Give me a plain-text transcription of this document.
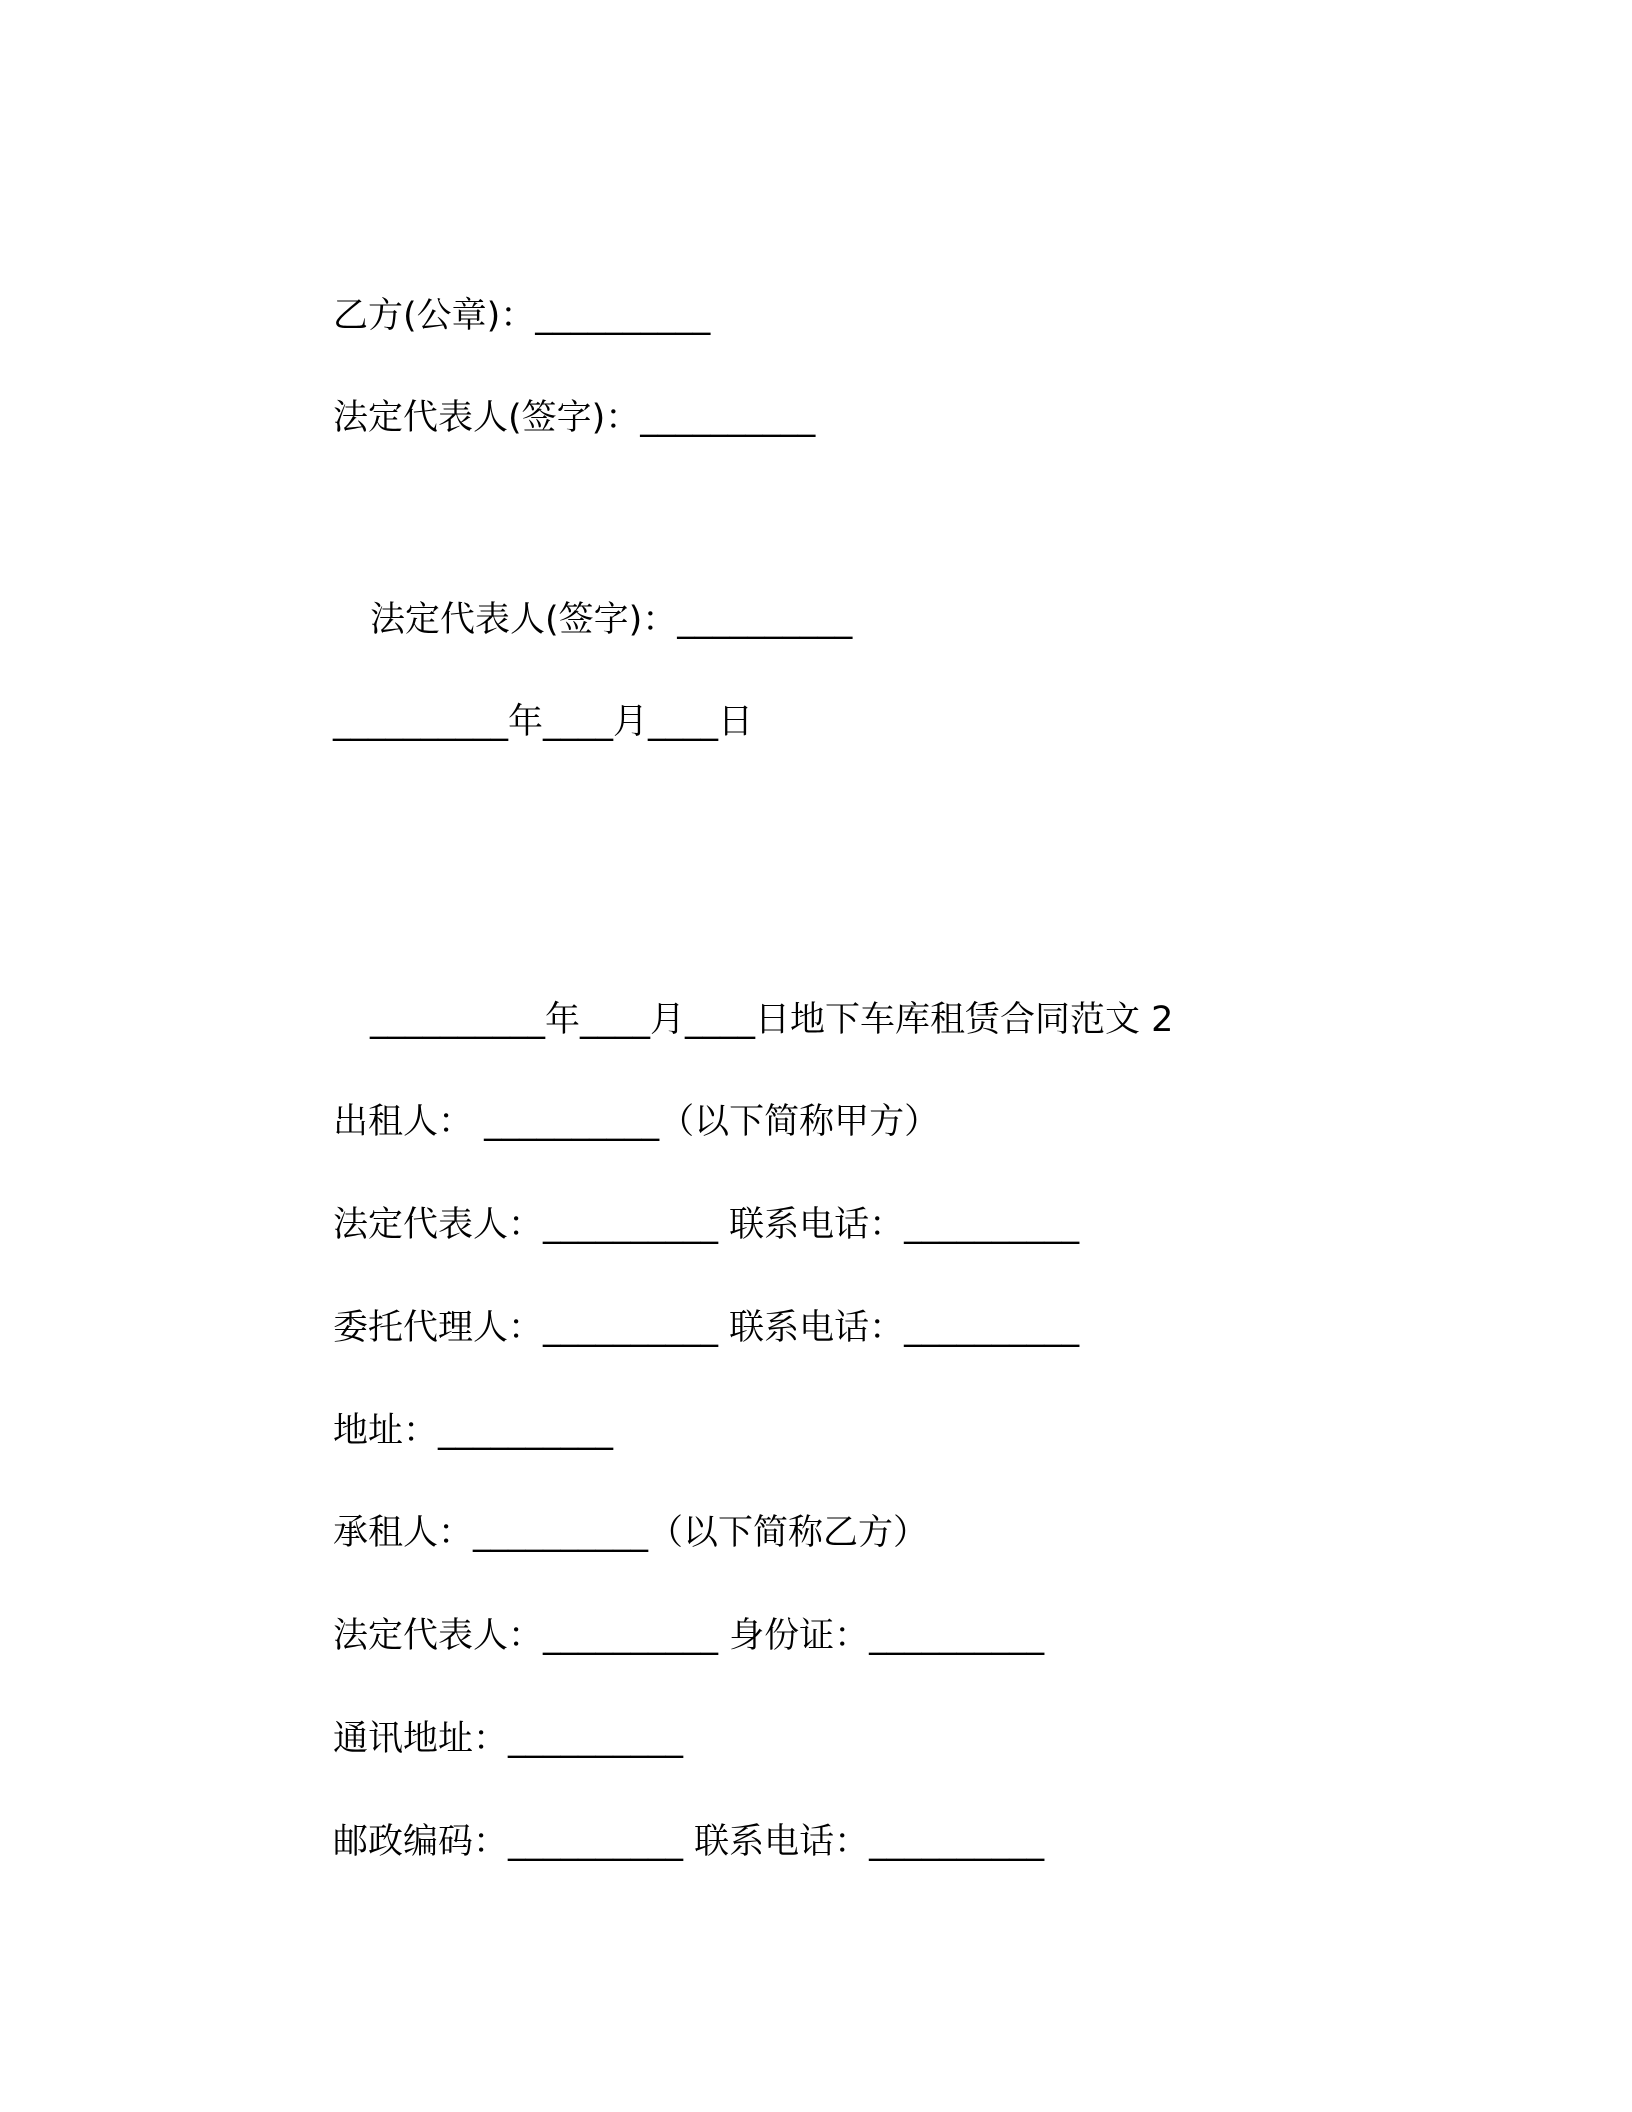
乙方(公章)：__________
法定代表人(签字)：__________
法定代表人(签字)：__________
__________年____月____日
__________年____月____日地下车库租赁合同范文 2
出租人： __________（以下简称甲方）
法定代表人：__________ 联系电话：__________
委托代理人：__________ 联系电话：__________
地址：__________
承租人：__________（以下简称乙方）
法定代表人：__________ 身份证：__________
通讯地址：__________
邮政编码：__________ 联系电话：__________
